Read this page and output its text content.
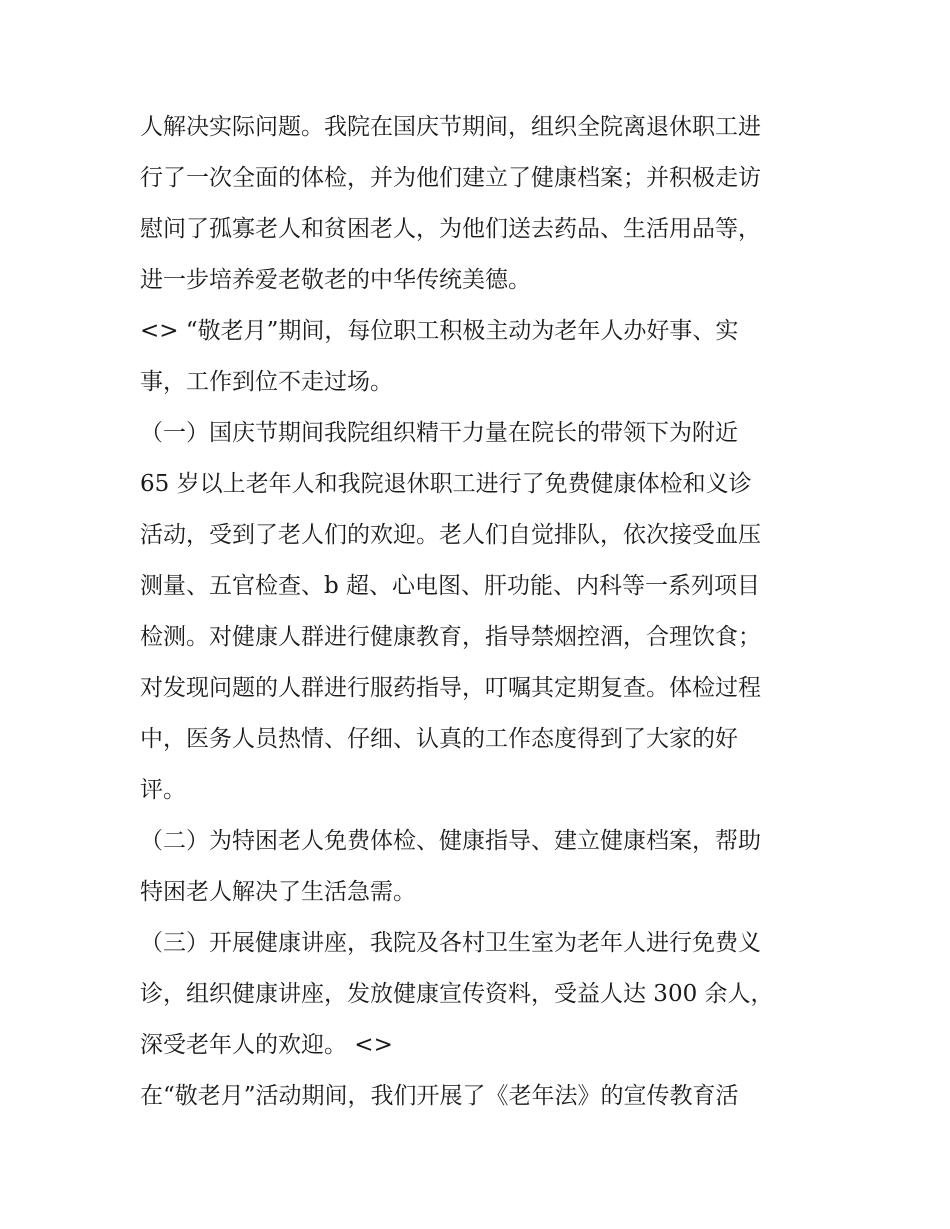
人解决实际问题。我院在国庆节期间，组织全院离退休职工进
行了一次全面的体检，并为他们建立了健康档案；并积极走访
慰问了孤寡老人和贫困老人，为他们送去药品、生活用品等，
进一步培养爱老敬老的中华传统美德。
<> “敬老月”期间，每位职工积极主动为老年人办好事、实
事，工作到位不走过场。
（一）国庆节期间我院组织精干力量在院长的带领下为附近
65 岁以上老年人和我院退休职工进行了免费健康体检和义诊
活动，受到了老人们的欢迎。老人们自觉排队，依次接受血压
测量、五官检查、b 超、心电图、肝功能、内科等一系列项目
检测。对健康人群进行健康教育，指导禁烟控酒，合理饮食；
对发现问题的人群进行服药指导，叮嘱其定期复查。体检过程
中，医务人员热情、仔细、认真的工作态度得到了大家的好
评。
（二）为特困老人免费体检、健康指导、建立健康档案，帮助
特困老人解决了生活急需。
（三）开展健康讲座，我院及各村卫生室为老年人进行免费义
诊，组织健康讲座，发放健康宣传资料，受益人达 300 余人，
深受老年人的欢迎。 <>
在“敬老月”活动期间，我们开展了《老年法》的宣传教育活
